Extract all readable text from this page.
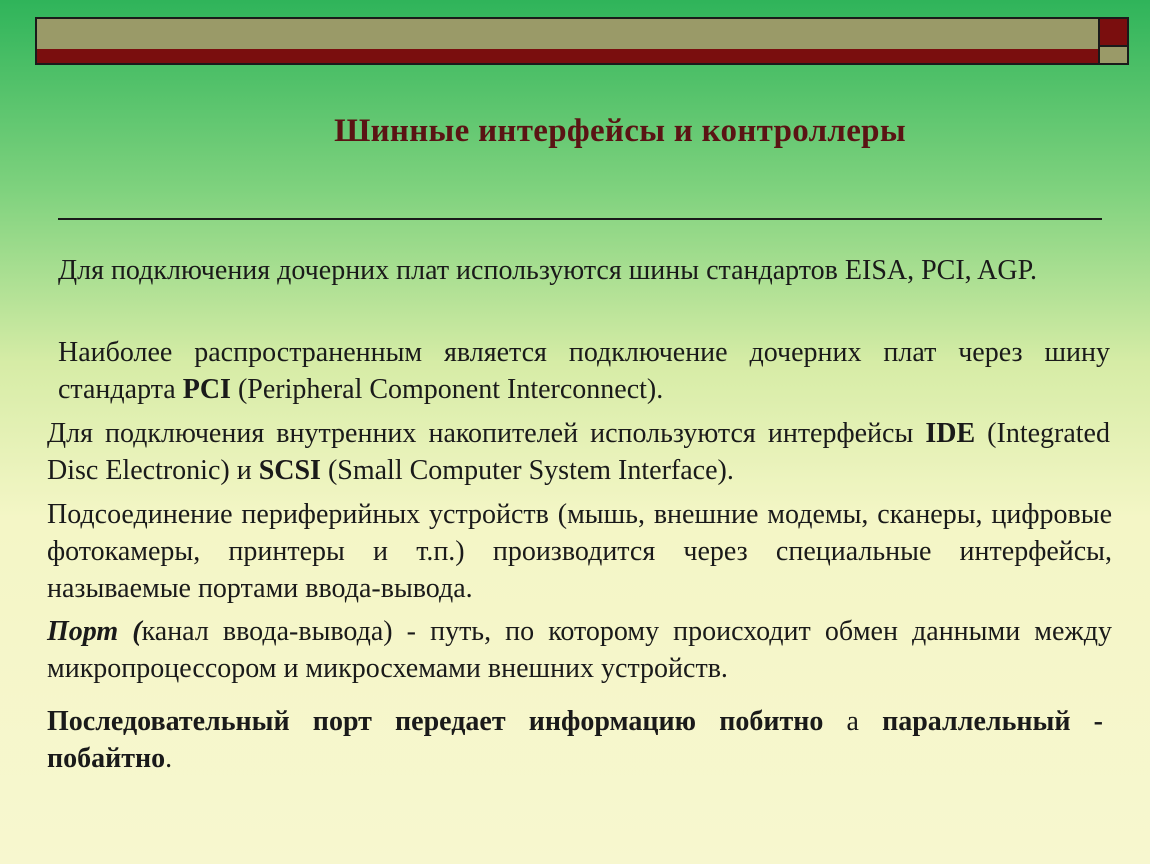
Шинные интерфейсы и контроллеры
Для подключения дочерних плат используются шины стандартов EISA, PCI, AGP.
Наиболее распространенным является подключение дочерних плат через шину стандарта PCI (Peripheral Component Interconnect).
Для подключения внутренних накопителей используются интерфейсы IDE (Integrated Disc Electronic) и SCSI (Small Computer System Interface).
Подсоединение периферийных устройств (мышь, внешние модемы, сканеры, цифровые фотокамеры, принтеры и т.п.) производится через специальные интерфейсы, называемые портами ввода-вывода.
Порт (канал ввода-вывода) - путь, по которому происходит обмен данными между микропроцессором и микросхемами внешних устройств.
Последовательный порт передает информацию побитно а параллельный - побайтно.
